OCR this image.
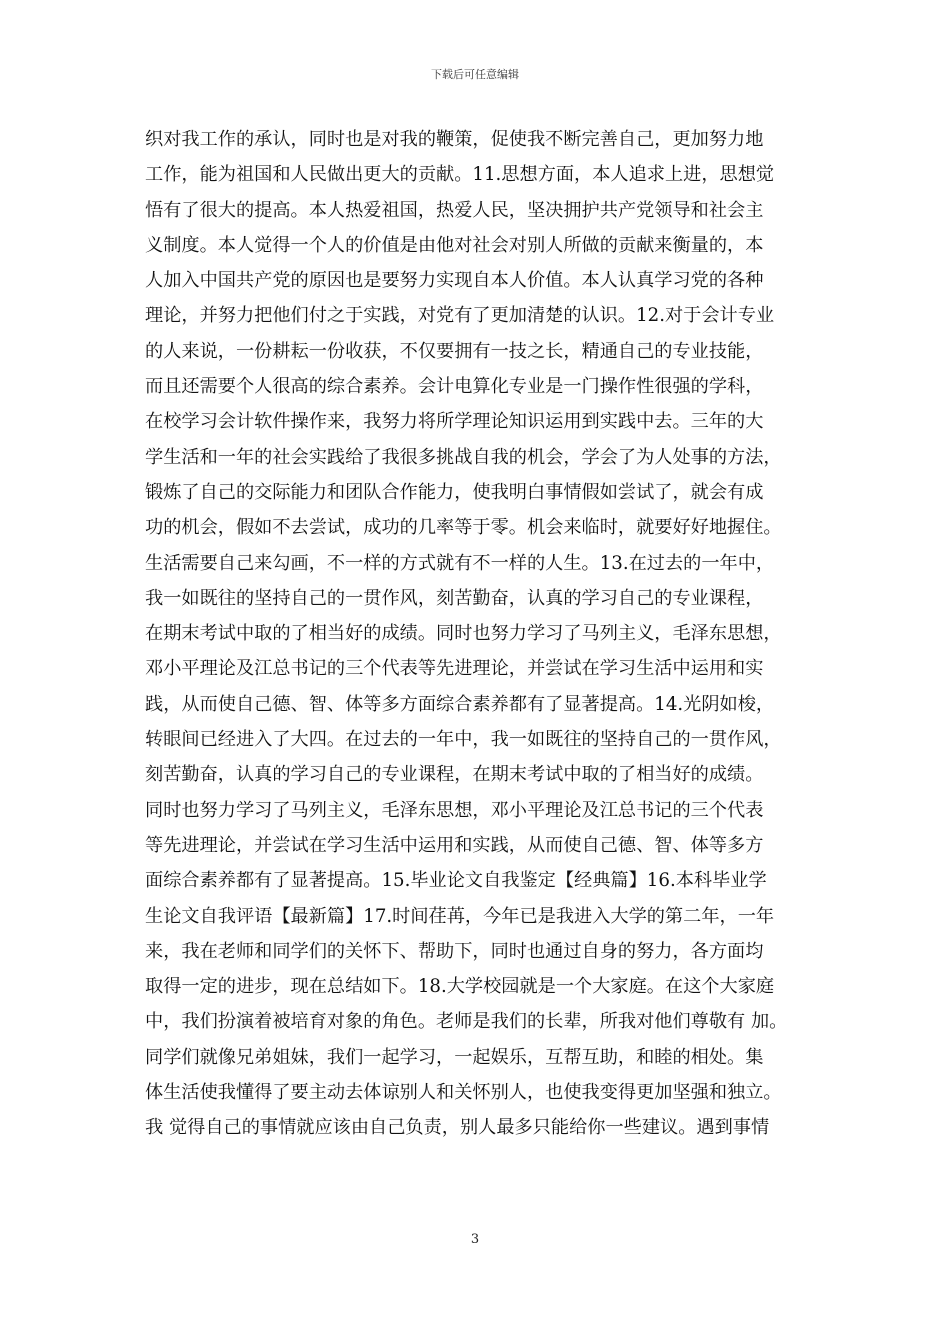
下载后可任意编辑
织对我工作的承认，同时也是对我的鞭策，促使我不断完善自己，更加努力地
工作，能为祖国和人民做出更大的贡献。11.思想方面，本人追求上进，思想觉
悟有了很大的提高。本人热爱祖国，热爱人民，坚决拥护共产党领导和社会主
义制度。本人觉得一个人的价值是由他对社会对别人所做的贡献来衡量的，本
人加入中国共产党的原因也是要努力实现自本人价值。本人认真学习党的各种
理论，并努力把他们付之于实践，对党有了更加清楚的认识。12.对于会计专业
的人来说，一份耕耘一份收获，不仅要拥有一技之长，精通自己的专业技能，
而且还需要个人很高的综合素养。会计电算化专业是一门操作性很强的学科，
在校学习会计软件操作来，我努力将所学理论知识运用到实践中去。三年的大
学生活和一年的社会实践给了我很多挑战自我的机会，学会了为人处事的方法，
锻炼了自己的交际能力和团队合作能力，使我明白事情假如尝试了，就会有成
功的机会，假如不去尝试，成功的几率等于零。机会来临时，就要好好地握住。
生活需要自己来勾画，不一样的方式就有不一样的人生。13.在过去的一年中，
我一如既往的坚持自己的一贯作风，刻苦勤奋，认真的学习自己的专业课程，
在期末考试中取的了相当好的成绩。同时也努力学习了马列主义，毛泽东思想，
邓小平理论及江总书记的三个代表等先进理论，并尝试在学习生活中运用和实
践，从而使自己德、智、体等多方面综合素养都有了显著提高。14.光阴如梭，
转眼间已经进入了大四。在过去的一年中，我一如既往的坚持自己的一贯作风，
刻苦勤奋，认真的学习自己的专业课程，在期末考试中取的了相当好的成绩。
同时也努力学习了马列主义，毛泽东思想，邓小平理论及江总书记的三个代表
等先进理论，并尝试在学习生活中运用和实践，从而使自己德、智、体等多方
面综合素养都有了显著提高。15.毕业论文自我鉴定【经典篇】16.本科毕业学
生论文自我评语【最新篇】17.时间荏苒，今年已是我进入大学的第二年，一年
来，我在老师和同学们的关怀下、帮助下，同时也通过自身的努力，各方面均
取得一定的进步，现在总结如下。18.大学校园就是一个大家庭。在这个大家庭
中，我们扮演着被培育对象的角色。老师是我们的长辈，所我对他们尊敬有 加。
同学们就像兄弟姐妹，我们一起学习，一起娱乐，互帮互助，和睦的相处。集
体生活使我懂得了要主动去体谅别人和关怀别人，也使我变得更加坚强和独立。
我 觉得自己的事情就应该由自己负责，别人最多只能给你一些建议。遇到事情
3
